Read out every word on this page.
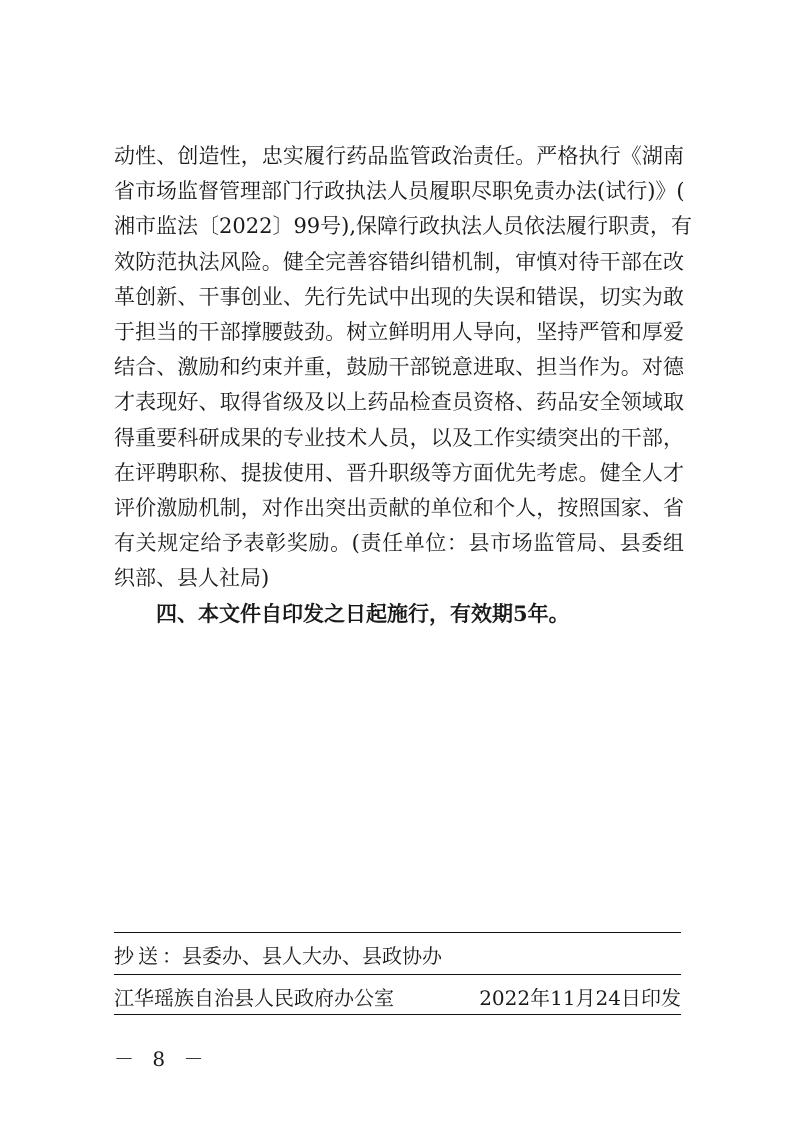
动性、创造性，忠实履行药品监管政治责任。严格执行《湖南
省市场监督管理部门行政执法人员履职尽职免责办法(试行)》(
湘市监法〔2022〕99号),保障行政执法人员依法履行职责，有
效防范执法风险。健全完善容错纠错机制，审慎对待干部在改
革创新、干事创业、先行先试中出现的失误和错误，切实为敢
于担当的干部撑腰鼓劲。树立鲜明用人导向，坚持严管和厚爱
结合、激励和约束并重，鼓励干部锐意进取、担当作为。对德
才表现好、取得省级及以上药品检查员资格、药品安全领域取
得重要科研成果的专业技术人员，以及工作实绩突出的干部，
在评聘职称、提拔使用、晋升职级等方面优先考虑。健全人才
评价激励机制，对作出突出贡献的单位和个人，按照国家、省
有关规定给予表彰奖励。(责任单位：县市场监管局、县委组
织部、县人社局)
四、本文件自印发之日起施行，有效期5年。
抄送：县委办、县人大办、县政协办
江华瑶族自治县人民政府办公室	2022年11月24日印发
－ 8 －
